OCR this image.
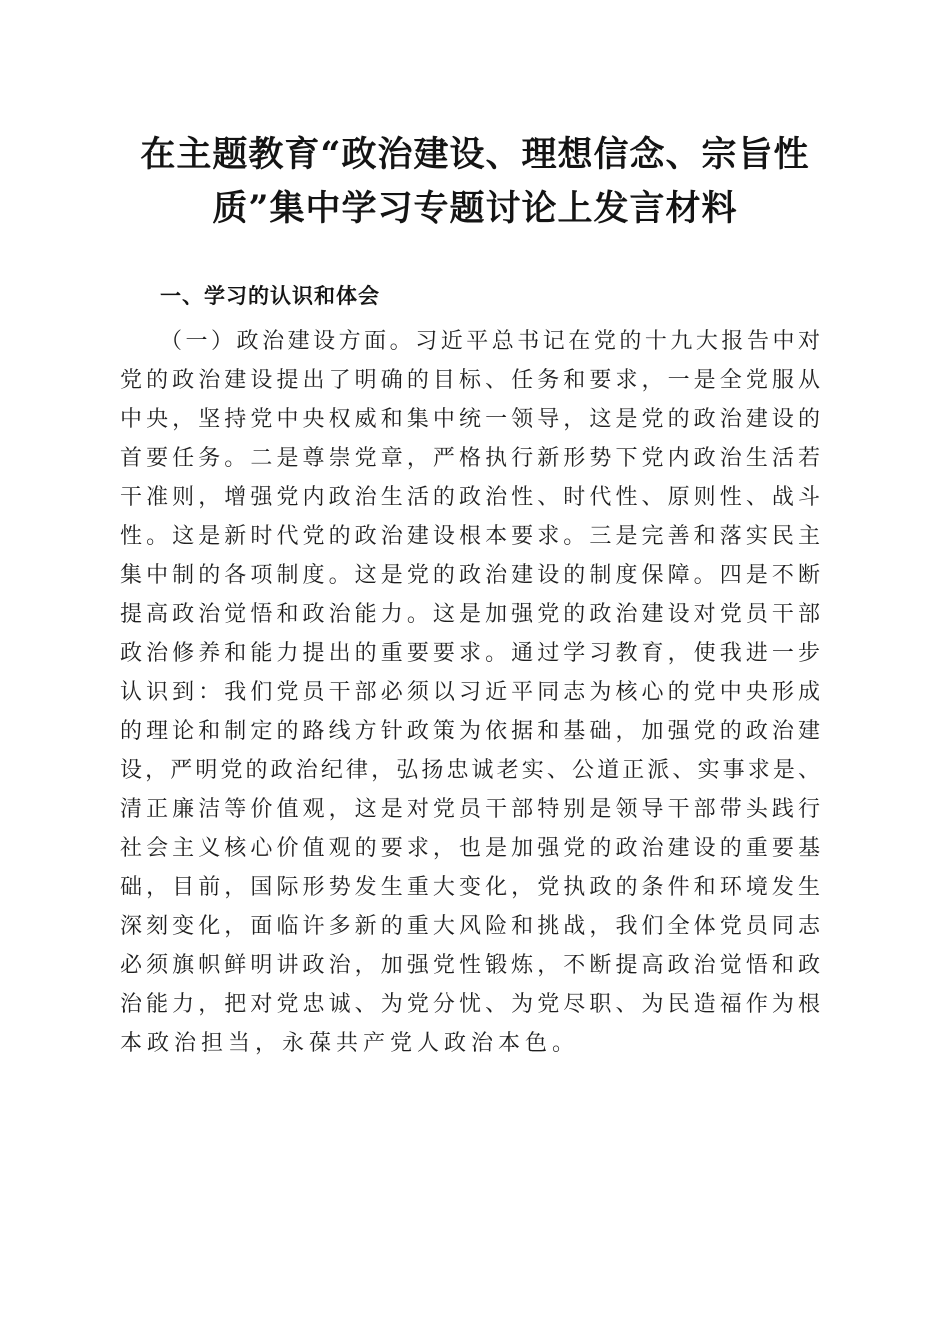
在主题教育“政治建设、理想信念、宗旨性
质”集中学习专题讨论上发言材料
一、学习的认识和体会
（一）政治建设方面。习近平总书记在党的十九大报告中对
党的政治建设提出了明确的目标、任务和要求，一是全党服从
中央，坚持党中央权威和集中统一领导，这是党的政治建设的
首要任务。二是尊崇党章，严格执行新形势下党内政治生活若
干准则，增强党内政治生活的政治性、时代性、原则性、战斗
性。这是新时代党的政治建设根本要求。三是完善和落实民主
集中制的各项制度。这是党的政治建设的制度保障。四是不断
提高政治觉悟和政治能力。这是加强党的政治建设对党员干部
政治修养和能力提出的重要要求。通过学习教育，使我进一步
认识到：我们党员干部必须以习近平同志为核心的党中央形成
的理论和制定的路线方针政策为依据和基础，加强党的政治建
设，严明党的政治纪律，弘扬忠诚老实、公道正派、实事求是、
清正廉洁等价值观，这是对党员干部特别是领导干部带头践行
社会主义核心价值观的要求，也是加强党的政治建设的重要基
础，目前，国际形势发生重大变化，党执政的条件和环境发生
深刻变化，面临许多新的重大风险和挑战，我们全体党员同志
必须旗帜鲜明讲政治，加强党性锻炼，不断提高政治觉悟和政
治能力，把对党忠诚、为党分忧、为党尽职、为民造福作为根
本政治担当，永葆共产党人政治本色。
